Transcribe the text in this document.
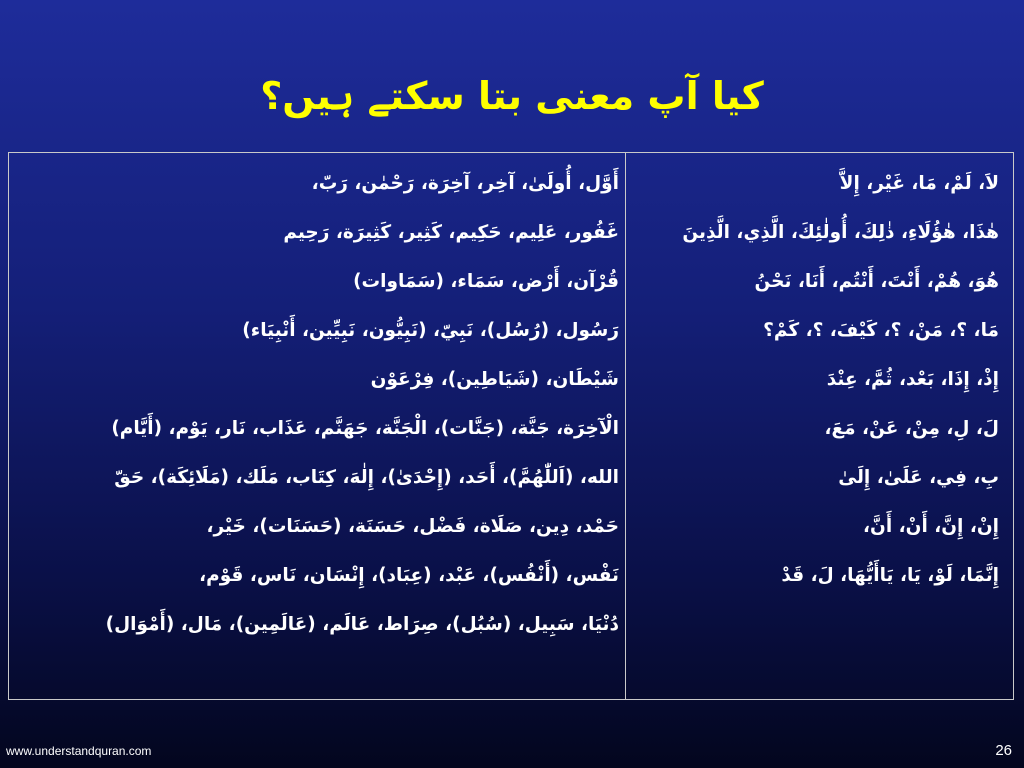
کیا آپ معنی بتا سکتے ہیں؟
لاَ، لَمْ، مَا، غَيْر، إِلاَّ
هٰذَا، هٰؤُلَاءِ، ذٰلِكَ، أُولٰئِكَ، الَّذِي، الَّذِينَ
هُوَ، هُمْ، أَنْتَ، أَنْتُم، أَنَا، نَحْنُ
مَا، ؟، مَنْ، ؟، كَيْفَ، ؟، كَمْ؟
إِذْ، إِذَا، بَعْد، ثُمَّ، عِنْدَ
لَ، لِ، مِنْ، عَنْ، مَعَ،
بِ، فِي، عَلَىٰ، إِلَىٰ
إِنْ، إِنَّ، أَنْ، أَنَّ،
إِنَّمَا، لَوْ، يَا، يَاأَيُّهَا، لَ، قَدْ
أَوَّل، أُولَىٰ، آخِر، آخِرَة، رَحْمٰن، رَبّ،
غَفُور، عَلِيم، حَكِيم، كَثِير، كَثِيرَة، رَحِيم
قُرْآن، أَرْض، سَمَاء، (سَمَاوات)
رَسُول، (رُسُل)، نَبِيّ، (نَبِيُّون، نَبِيِّين، أَنْبِيَاء)
شَيْطَان، (شَيَاطِين)، فِرْعَوْن
الْآخِرَة، جَنَّة، (جَنَّات)، الْجَنَّة، جَهَنَّم، عَذَاب، نَار، يَوْم، (أَيَّام)
الله، (اَللّٰهُمَّ)، أَحَد، (إِحْدَىٰ)، إِلٰهَ، كِتَاب، مَلَك، (مَلَائِكَة)، حَقّ
حَمْد، دِين، صَلَاة، فَضْل، حَسَنَة، (حَسَنَات)، خَيْر،
نَفْس، (أَنْفُس)، عَبْد، (عِبَاد)، إِنْسَان، نَاس، قَوْم،
دُنْيَا، سَبِيل، (سُبُل)، صِرَاط، عَالَم، (عَالَمِين)، مَال، (أَمْوَال)
www.understandquran.com	26
